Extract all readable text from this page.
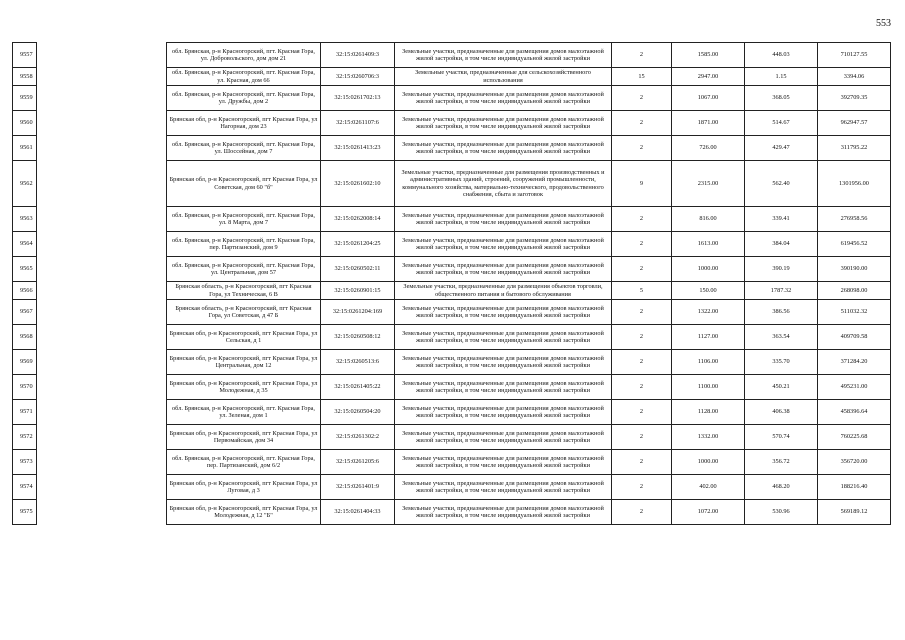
553
9557		обл. Брянская, р-н Красногорский, пгт. Красная Гора, ул. Добровольского, дом дом 21	32:15:0261409:3	Земельные участки, предназначенные для размещения домов малоэтажной жилой застройки, в том числе индивидуальной жилой застройки	2	1585.00	448.03	710127.55
9558		обл. Брянская, р-н Красногорский, пгт. Красная Гора, ул. Красная, дом 66	32:15:0260706:3	Земельные участки, предназначенные для сельскохозяйственного использования	15	2947.00	1.15	3394.06
9559		обл. Брянская, р-н Красногорский, пгт. Красная Гора, ул. Дружбы, дом 2	32:15:0261702:13	Земельные участки, предназначенные для размещения домов малоэтажной жилой застройки, в том числе индивидуальной жилой застройки	2	1067.00	368.05	392709.35
9560		Брянская обл, р-н Красногорский, пгт Красная Гора, ул Нагорная, дом 23	32:15:0261107:6	Земельные участки, предназначенные для размещения домов малоэтажной жилой застройки, в том числе индивидуальной жилой застройки	2	1871.00	514.67	962947.57
9561		обл. Брянская, р-н Красногорский, пгт. Красная Гора, ул. Шоссейная, дом 7	32:15:0261413:23	Земельные участки, предназначенные для размещения домов малоэтажной жилой застройки, в том числе индивидуальной жилой застройки	2	726.00	429.47	311795.22
9562		Брянская обл, р-н Красногорский, пгт Красная Гора, ул Советская, дом 60 "б"	32:15:0261602:10	Земельные участки, предназначенные для размещения производственных и административных зданий, строений, сооружений промышленности, коммунального хозяйства, материально-технического, продовольственного снабжения, сбыта и заготовок	9	2315.00	562.40	1301956.00
9563		обл. Брянская, р-н Красногорский, пгт. Красная Гора, ул. 8 Марта, дом 7	32:15:0262008:14	Земельные участки, предназначенные для размещения домов малоэтажной жилой застройки, в том числе индивидуальной жилой застройки	2	816.00	339.41	276958.56
9564		обл. Брянская, р-н Красногорский, пгт. Красная Гора, пер. Партизанский, дом 9	32:15:0261204:25	Земельные участки, предназначенные для размещения домов малоэтажной жилой застройки, в том числе индивидуальной жилой застройки	2	1613.00	384.04	619456.52
9565		обл. Брянская, р-н Красногорский, пгт. Красная Гора, ул. Центральная, дом 57	32:15:0260502:11	Земельные участки, предназначенные для размещения домов малоэтажной жилой застройки, в том числе индивидуальной жилой застройки	2	1000.00	390.19	390190.00
9566		Брянская область, р-н Красногорский, пгт Красная Гора, ул Техническая, 6 В	32:15:0260901:15	Земельные участки, предназначенные для размещения объектов торговли, общественного питания и бытового обслуживания	5	150.00	1787.32	268098.00
9567		Брянская область, р-н Красногорский, пгт Красная Гора, ул Советская, д 47 Б	32:15:0261204:169	Земельные участки, предназначенные для размещения домов малоэтажной жилой застройки, в том числе индивидуальной жилой застройки	2	1322.00	386.56	511032.32
9568		Брянская обл, р-н Красногорский, пгт Красная Гора, ул Сельская, д 1	32:15:0260508:12	Земельные участки, предназначенные для размещения домов малоэтажной жилой застройки, в том числе индивидуальной жилой застройки	2	1127.00	363.54	409709.58
9569		Брянская обл, р-н Красногорский, пгт Красная Гора, ул Центральная, дом 12	32:15:0260513:6	Земельные участки, предназначенные для размещения домов малоэтажной жилой застройки, в том числе индивидуальной жилой застройки	2	1106.00	335.70	371284.20
9570		Брянская обл, р-н Красногорский, пгт Красная Гора, ул Молодежная, д 35	32:15:0261405:22	Земельные участки, предназначенные для размещения домов малоэтажной жилой застройки, в том числе индивидуальной жилой застройки	2	1100.00	450.21	495231.00
9571		обл. Брянская, р-н Красногорский, пгт. Красная Гора, ул. Зеленая, дом 1	32:15:0260504:20	Земельные участки, предназначенные для размещения домов малоэтажной жилой застройки, в том числе индивидуальной жилой застройки	2	1128.00	406.38	458396.64
9572		Брянская обл, р-н Красногорский, пгт Красная Гора, ул Первомайская, дом 34	32:15:0261302:2	Земельные участки, предназначенные для размещения домов малоэтажной жилой застройки, в том числе индивидуальной жилой застройки	2	1332.00	570.74	760225.68
9573		обл. Брянская, р-н Красногорский, пгт. Красная Гора, пер. Партизанский, дом 6/2	32:15:0261205:6	Земельные участки, предназначенные для размещения домов малоэтажной жилой застройки, в том числе индивидуальной жилой застройки	2	1000.00	356.72	356720.00
9574		Брянская обл, р-н Красногорский, пгт Красная Гора, ул Луговая, д 3	32:15:0261401:9	Земельные участки, предназначенные для размещения домов малоэтажной жилой застройки, в том числе индивидуальной жилой застройки	2	402.00	468.20	188216.40
9575		Брянская обл, р-н Красногорский, пгт Красная Гора, ул Молодежная, д 12 "Б"	32:15:0261404:33	Земельные участки, предназначенные для размещения домов малоэтажной жилой застройки, в том числе индивидуальной жилой застройки	2	1072.00	530.96	569189.12
